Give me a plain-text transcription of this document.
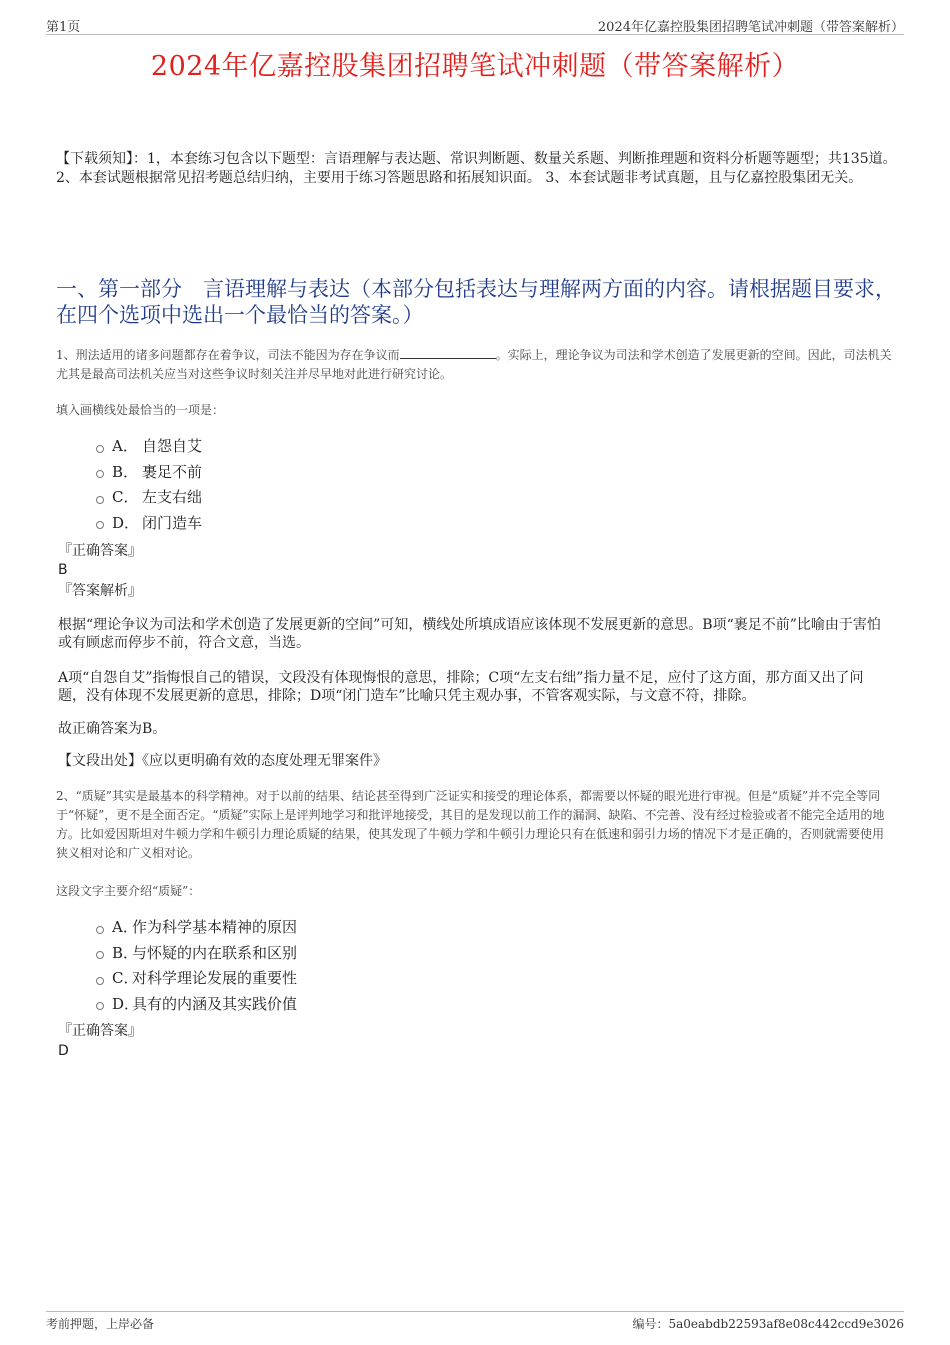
第1页	2024年亿嘉控股集团招聘笔试冲刺题（带答案解析）
2024年亿嘉控股集团招聘笔试冲刺题（带答案解析）
【下载须知】：1，本套练习包含以下题型：言语理解与表达题、常识判断题、数量关系题、判断推理题和资料分析题等题型；共135道。 2、本套试题根据常见招考题总结归纳，主要用于练习答题思路和拓展知识面。 3、本套试题非考试真题，且与亿嘉控股集团无关。
一、第一部分　言语理解与表达（本部分包括表达与理解两方面的内容。请根据题目要求，在四个选项中选出一个最恰当的答案。）
1、刑法适用的诸多问题都存在着争议，司法不能因为存在争议而	。实际上，理论争议为司法和学术创造了发展更新的空间。因此，司法机关尤其是最高司法机关应当对这些争议时刻关注并尽早地对此进行研究讨论。
填入画横线处最恰当的一项是：
A． 自怨自艾
B． 裹足不前
C． 左支右绌
D． 闭门造车
『正确答案』
B
『答案解析』
根据“理论争议为司法和学术创造了发展更新的空间”可知，横线处所填成语应该体现不发展更新的意思。B项“裹足不前”比喻由于害怕或有顾虑而停步不前，符合文意，当选。
A项“自怨自艾”指悔恨自己的错误，文段没有体现悔恨的意思，排除；C项“左支右绌”指力量不足，应付了这方面，那方面又出了问题，没有体现不发展更新的意思，排除；D项“闭门造车”比喻只凭主观办事，不管客观实际，与文意不符，排除。
故正确答案为B。
【文段出处】《应以更明确有效的态度处理无罪案件》
2、“质疑”其实是最基本的科学精神。对于以前的结果、结论甚至得到广泛证实和接受的理论体系，都需要以怀疑的眼光进行审视。但是“质疑”并不完全等同于“怀疑”，更不是全面否定。“质疑”实际上是评判地学习和批评地接受，其目的是发现以前工作的漏洞、缺陷、不完善、没有经过检验或者不能完全适用的地方。比如爱因斯坦对牛顿力学和牛顿引力理论质疑的结果，使其发现了牛顿力学和牛顿引力理论只有在低速和弱引力场的情况下才是正确的，否则就需要使用狭义相对论和广义相对论。
这段文字主要介绍“质疑”：
A．
作为科学基本精神的原因
B．
与怀疑的内在联系和区别
C．
对科学理论发展的重要性
D．
具有的内涵及其实践价值
『正确答案』
D
考前押题，上岸必备	编号：5a0eabdb22593af8e08c442ccd9e3026
